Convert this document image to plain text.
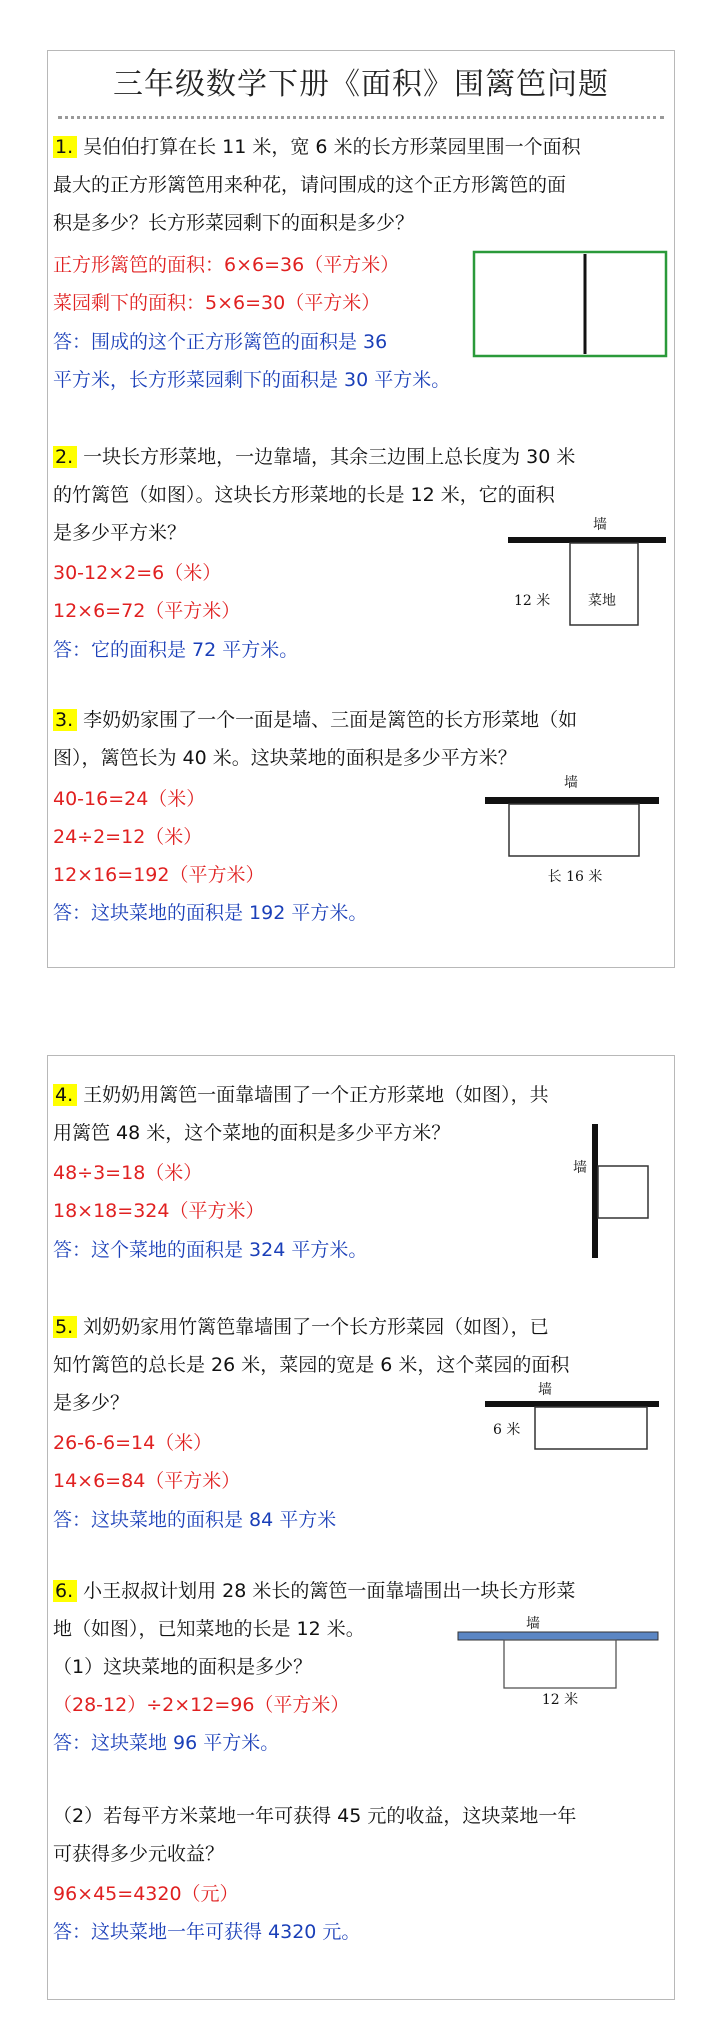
三年级数学下册《面积》围篱笆问题
1. 吴伯伯打算在长 11 米，宽 6 米的长方形菜园里围一个面积
最大的正方形篱笆用来种花，请问围成的这个正方形篱笆的面
积是多少？长方形菜园剩下的面积是多少？
正方形篱笆的面积：6×6=36（平方米）
菜园剩下的面积：5×6=30（平方米）
答：围成的这个正方形篱笆的面积是 36
平方米，长方形菜园剩下的面积是 30 平方米。
2. 一块长方形菜地，一边靠墙，其余三边围上总长度为 30 米
的竹篱笆（如图）。这块长方形菜地的长是 12 米，它的面积
是多少平方米？
30-12×2=6（米）
12×6=72（平方米）
答：它的面积是 72 平方米。
墙
12 米	菜地
3. 李奶奶家围了一个一面是墙、三面是篱笆的长方形菜地（如
图），篱笆长为 40 米。这块菜地的面积是多少平方米？
40-16=24（米）
24÷2=12（米）
12×16=192（平方米）
答：这块菜地的面积是 192 平方米。
墙
长 16 米
4. 王奶奶用篱笆一面靠墙围了一个正方形菜地（如图），共
用篱笆 48 米，这个菜地的面积是多少平方米？
48÷3=18（米）
18×18=324（平方米）
答：这个菜地的面积是 324 平方米。
墙
5. 刘奶奶家用竹篱笆靠墙围了一个长方形菜园（如图），已
知竹篱笆的总长是 26 米，菜园的宽是 6 米，这个菜园的面积
是多少？
26-6-6=14（米）
14×6=84（平方米）
答：这块菜地的面积是 84 平方米
墙
6 米
6. 小王叔叔计划用 28 米长的篱笆一面靠墙围出一块长方形菜
地（如图），已知菜地的长是 12 米。
（1）这块菜地的面积是多少？
（28-12）÷2×12=96（平方米）
答：这块菜地 96 平方米。
墙
12 米
（2）若每平方米菜地一年可获得 45 元的收益，这块菜地一年
可获得多少元收益？
96×45=4320（元）
答：这块菜地一年可获得 4320 元。
